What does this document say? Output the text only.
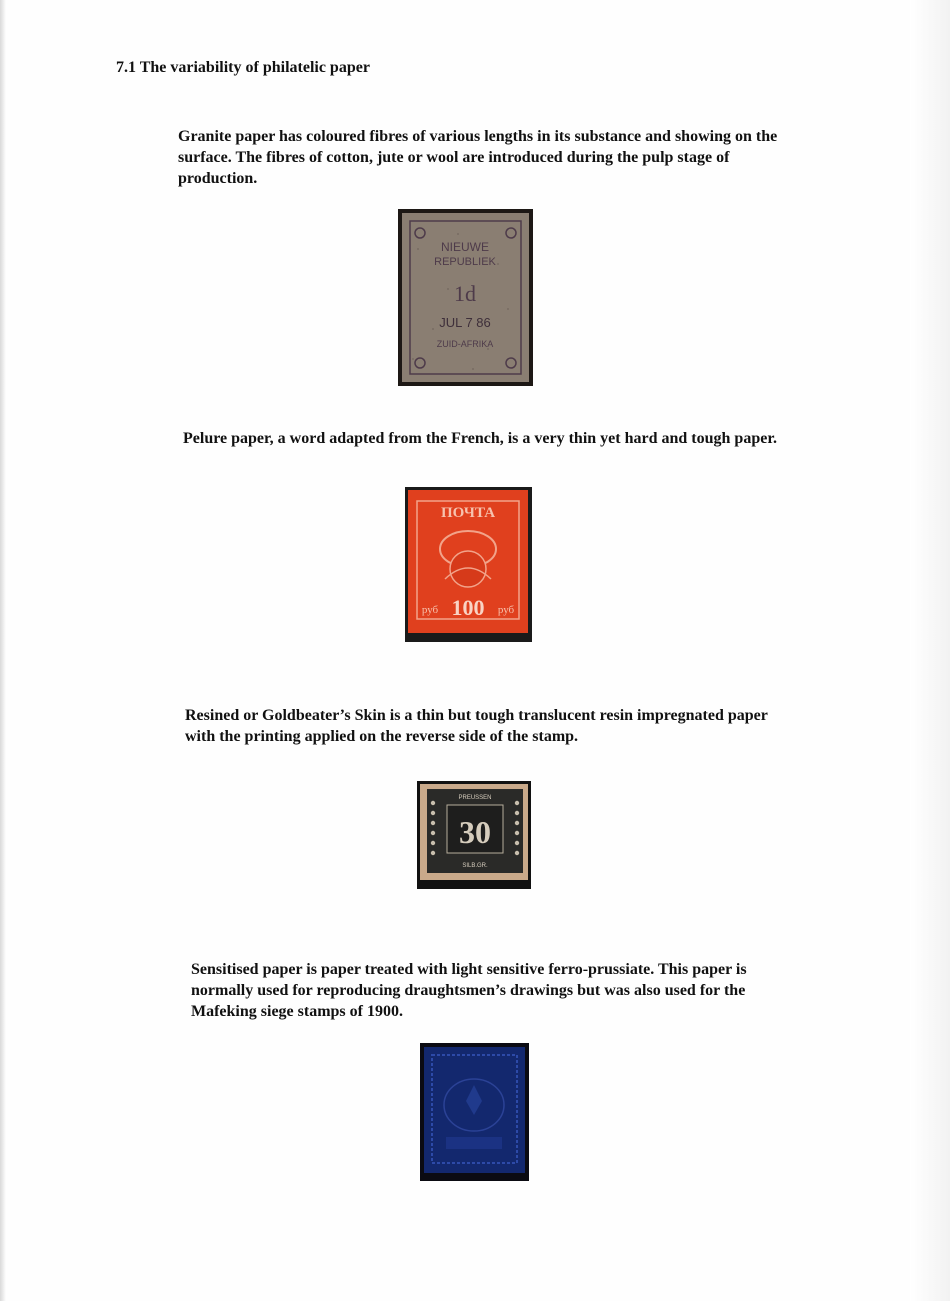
7.1 The variability of philatelic paper

Granite paper has coloured fibres of various lengths in its substance and showing on the surface. The fibres of cotton, jute or wool are introduced during the pulp stage of production.

NIEUWE
REPUBLIEK
1d
JUL 7 86
ZUID-AFRIKA

Pelure paper, a word adapted from the French, is a very thin yet hard and tough paper.

ПОЧТА
руб 100 руб

Resined or Goldbeater’s Skin is a thin but tough translucent resin impregnated paper with the printing applied on the reverse side of the stamp.

PREUSSEN
30
SILB.GR.

Sensitised paper is paper treated with light sensitive ferro-prussiate. This paper is normally used for reproducing draughtsmen’s drawings but was also used for the Mafeking siege stamps of 1900.
